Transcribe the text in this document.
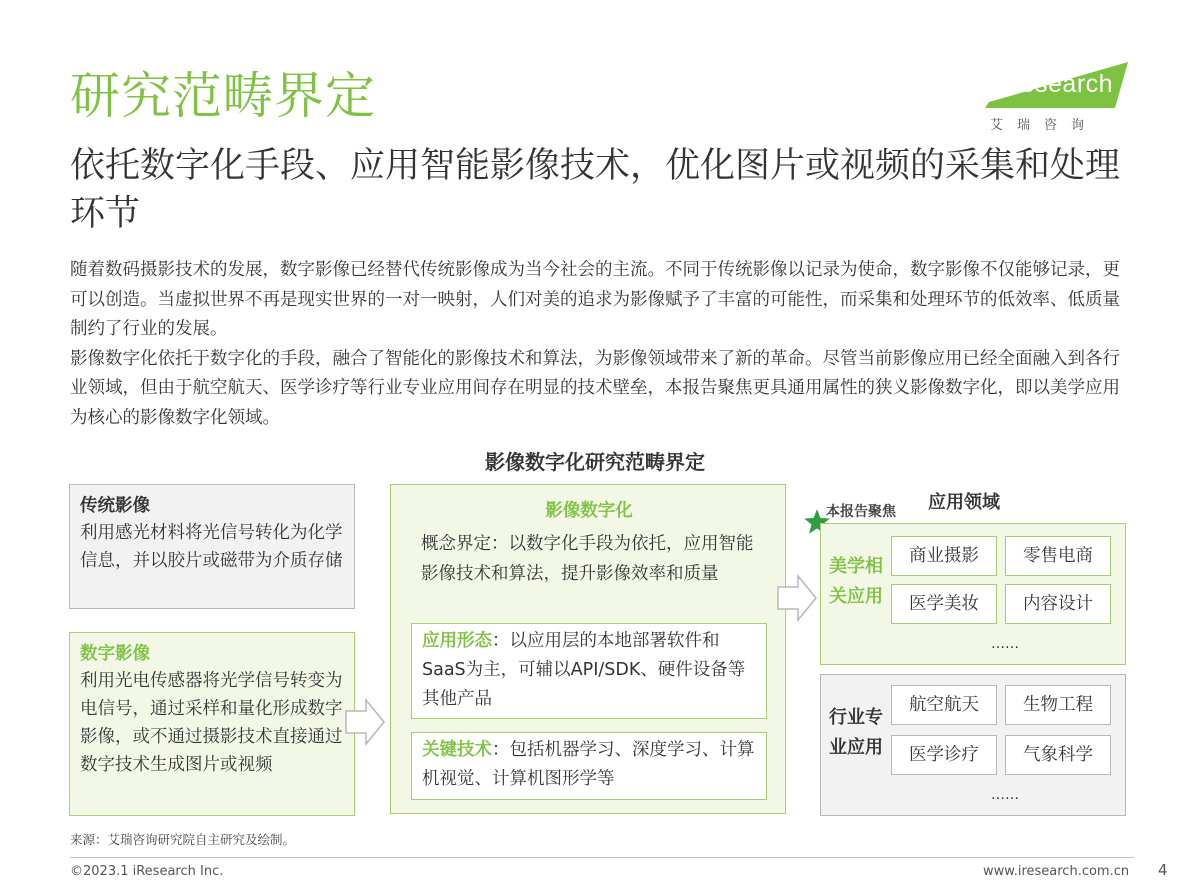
研究范畴界定	iResearch
艾瑞咨询
依托数字化手段、应用智能影像技术，优化图片或视频的采集和处理环节

随着数码摄影技术的发展，数字影像已经替代传统影像成为当今社会的主流。不同于传统影像以记录为使命，数字影像不仅能够记录，更可以创造。当虚拟世界不再是现实世界的一对一映射，人们对美的追求为影像赋予了丰富的可能性，而采集和处理环节的低效率、低质量制约了行业的发展。

影像数字化依托于数字化的手段，融合了智能化的影像技术和算法，为影像领域带来了新的革命。尽管当前影像应用已经全面融入到各行业领域，但由于航空航天、医学诊疗等行业专业应用间存在明显的技术壁垒，本报告聚焦更具通用属性的狭义影像数字化，即以美学应用为核心的影像数字化领域。

影像数字化研究范畴界定
传统影像
利用感光材料将光信号转化为化学信息，并以胶片或磁带为介质存储
数字影像
利用光电传感器将光学信号转变为电信号，通过采样和量化形成数字影像，或不通过摄影技术直接通过数字技术生成图片或视频
影像数字化
概念界定：以数字化手段为依托，应用智能影像技术和算法，提升影像效率和质量
应用形态：以应用层的本地部署软件和SaaS为主，可辅以API/SDK、硬件设备等其他产品
关键技术：包括机器学习、深度学习、计算机视觉、计算机图形学等
应用领域
本报告聚焦
美学相关应用
商业摄影	零售电商
医学美妆	内容设计
……
行业专业应用
航空航天	生物工程
医学诊疗	气象科学
……
来源：艾瑞咨询研究院自主研究及绘制。
©2023.1 iResearch Inc.	www.iresearch.com.cn 4
